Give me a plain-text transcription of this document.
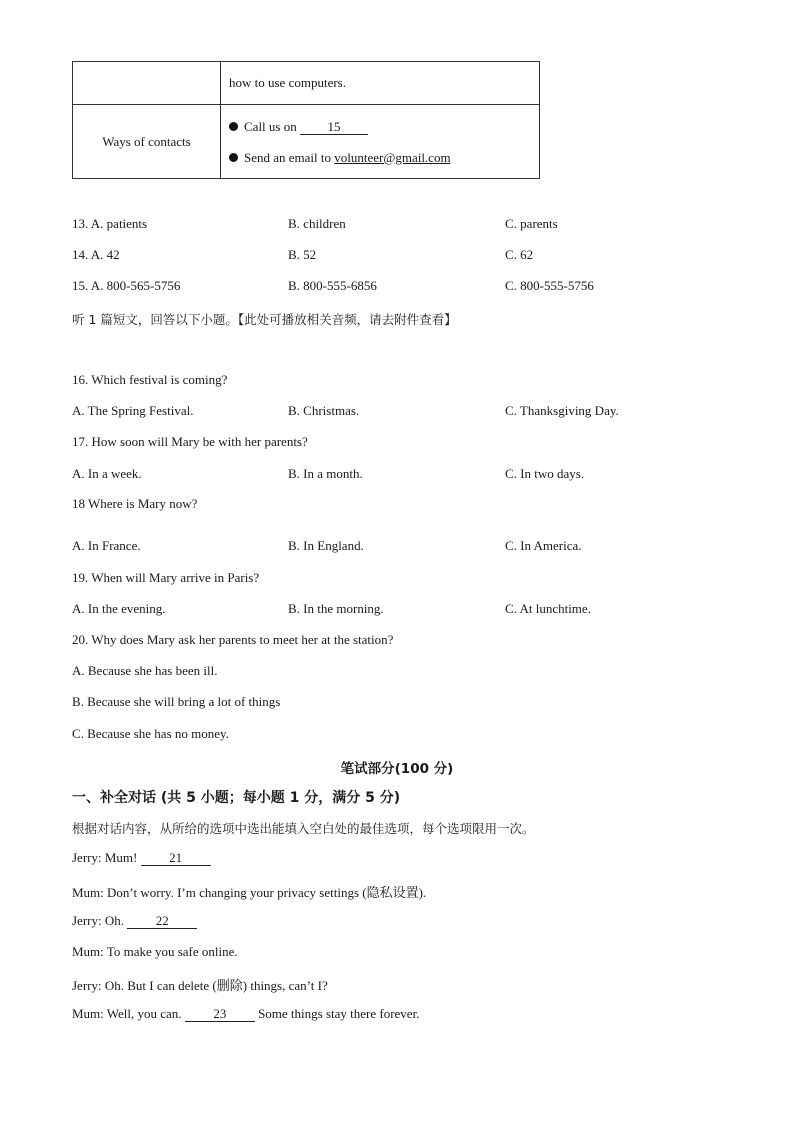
	how to use computers.
Ways of contacts	Call us on 15
Send an email to volunteer@gmail.com
13. A. patients	B. children	C. parents
14. A. 42	B. 52	C. 62
15. A. 800-565-5756	B. 800-555-6856	C. 800-555-5756
听 1 篇短文，回答以下小题。【此处可播放相关音频，请去附件查看】
16. Which festival is coming?
A. The Spring Festival.	B. Christmas.	C. Thanksgiving Day.
17. How soon will Mary be with her parents?
A. In a week.	B. In a month.	C. In two days.
18 Where is Mary now?
A. In France.	B. In England.	C. In America.
19. When will Mary arrive in Paris?
A. In the evening.	B. In the morning.	C. At lunchtime.
20. Why does Mary ask her parents to meet her at the station?
A. Because she has been ill.
B. Because she will bring a lot of things
C. Because she has no money.
笔试部分(100 分)
一、补全对话 (共 5 小题；每小题 1 分，满分 5 分)
根据对话内容，从所给的选项中选出能填入空白处的最佳选项，每个选项限用一次。
Jerry: Mum! 21
Mum: Don’t worry. I’m changing your privacy settings (隐私设置).
Jerry: Oh. 22
Mum: To make you safe online.
Jerry: Oh. But I can delete (删除) things, can’t I?
Mum: Well, you can. 23 Some things stay there forever.
